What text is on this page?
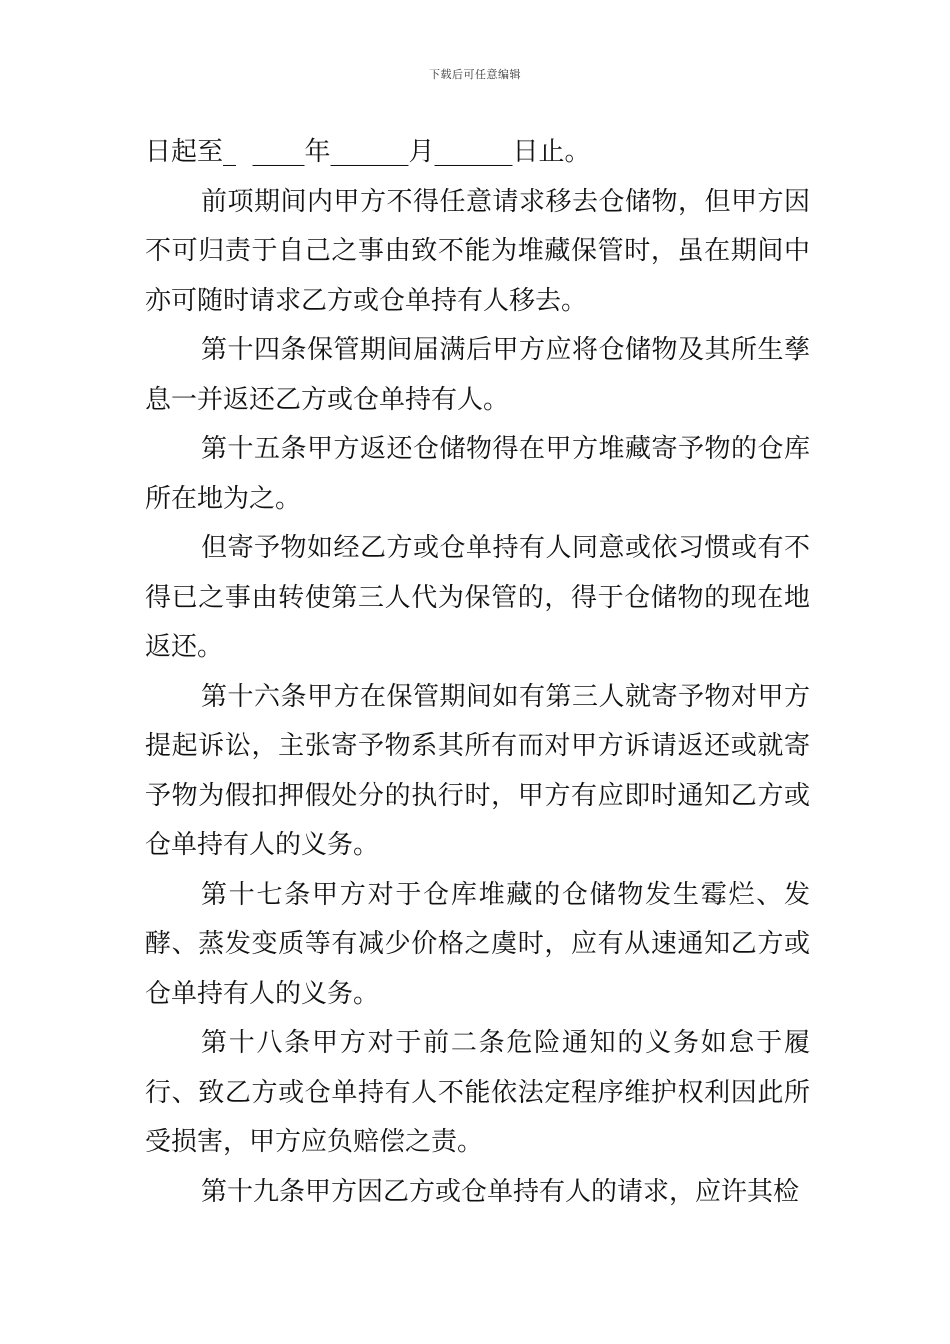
下载后可任意编辑

日起至_  ____年______月______日止。

前项期间内甲方不得任意请求移去仓储物，但甲方因不可归责于自己之事由致不能为堆藏保管时，虽在期间中亦可随时请求乙方或仓单持有人移去。

第十四条保管期间届满后甲方应将仓储物及其所生孳息一并返还乙方或仓单持有人。

第十五条甲方返还仓储物得在甲方堆藏寄予物的仓库所在地为之。

但寄予物如经乙方或仓单持有人同意或依习惯或有不得已之事由转使第三人代为保管的，得于仓储物的现在地返还。

第十六条甲方在保管期间如有第三人就寄予物对甲方提起诉讼，主张寄予物系其所有而对甲方诉请返还或就寄予物为假扣押假处分的执行时，甲方有应即时通知乙方或仓单持有人的义务。

第十七条甲方对于仓库堆藏的仓储物发生霉烂、发酵、蒸发变质等有减少价格之虞时，应有从速通知乙方或仓单持有人的义务。

第十八条甲方对于前二条危险通知的义务如怠于履行、致乙方或仓单持有人不能依法定程序维护权利因此所受损害，甲方应负赔偿之责。

第十九条甲方因乙方或仓单持有人的请求，应许其检
